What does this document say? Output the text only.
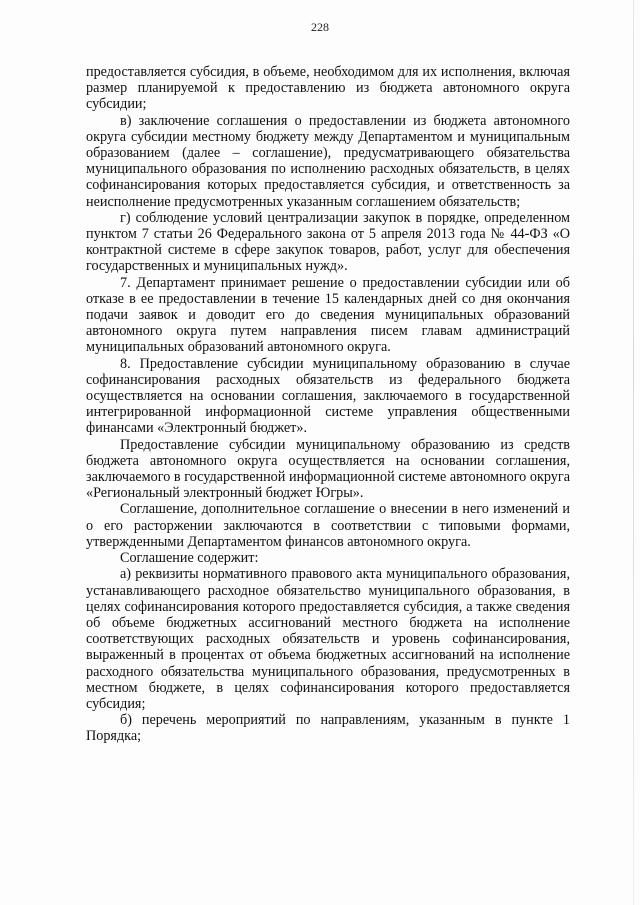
228

предоставляется субсидия, в объеме, необходимом для их исполнения, включая размер планируемой к предоставлению из бюджета автономного округа субсидии;

в) заключение соглашения о предоставлении из бюджета автономного округа субсидии местному бюджету между Департаментом и муниципальным образованием (далее – соглашение), предусматривающего обязательства муниципального образования по исполнению расходных обязательств, в целях софинансирования которых предоставляется субсидия, и ответственность за неисполнение предусмотренных указанным соглашением обязательств;

г) соблюдение условий централизации закупок в порядке, определенном пунктом 7 статьи 26 Федерального закона от 5 апреля 2013 года № 44-ФЗ «О контрактной системе в сфере закупок товаров, работ, услуг для обеспечения государственных и муниципальных нужд».

7. Департамент принимает решение о предоставлении субсидии или об отказе в ее предоставлении в течение 15 календарных дней со дня окончания подачи заявок и доводит его до сведения муниципальных образований автономного округа путем направления писем главам администраций муниципальных образований автономного округа.

8. Предоставление субсидии муниципальному образованию в случае софинансирования расходных обязательств из федерального бюджета осуществляется на основании соглашения, заключаемого в государственной интегрированной информационной системе управления общественными финансами «Электронный бюджет».

Предоставление субсидии муниципальному образованию из средств бюджета автономного округа осуществляется на основании соглашения, заключаемого в государственной информационной системе автономного округа «Региональный электронный бюджет Югры».

Соглашение, дополнительное соглашение о внесении в него изменений и о его расторжении заключаются в соответствии с типовыми формами, утвержденными Департаментом финансов автономного округа.

Соглашение содержит:

а) реквизиты нормативного правового акта муниципального образования, устанавливающего расходное обязательство муниципального образования, в целях софинансирования которого предоставляется субсидия, а также сведения об объеме бюджетных ассигнований местного бюджета на исполнение соответствующих расходных обязательств и уровень софинансирования, выраженный в процентах от объема бюджетных ассигнований на исполнение расходного обязательства муниципального образования, предусмотренных в местном бюджете, в целях софинансирования которого предоставляется субсидия;

б) перечень мероприятий по направлениям, указанным в пункте 1 Порядка;
